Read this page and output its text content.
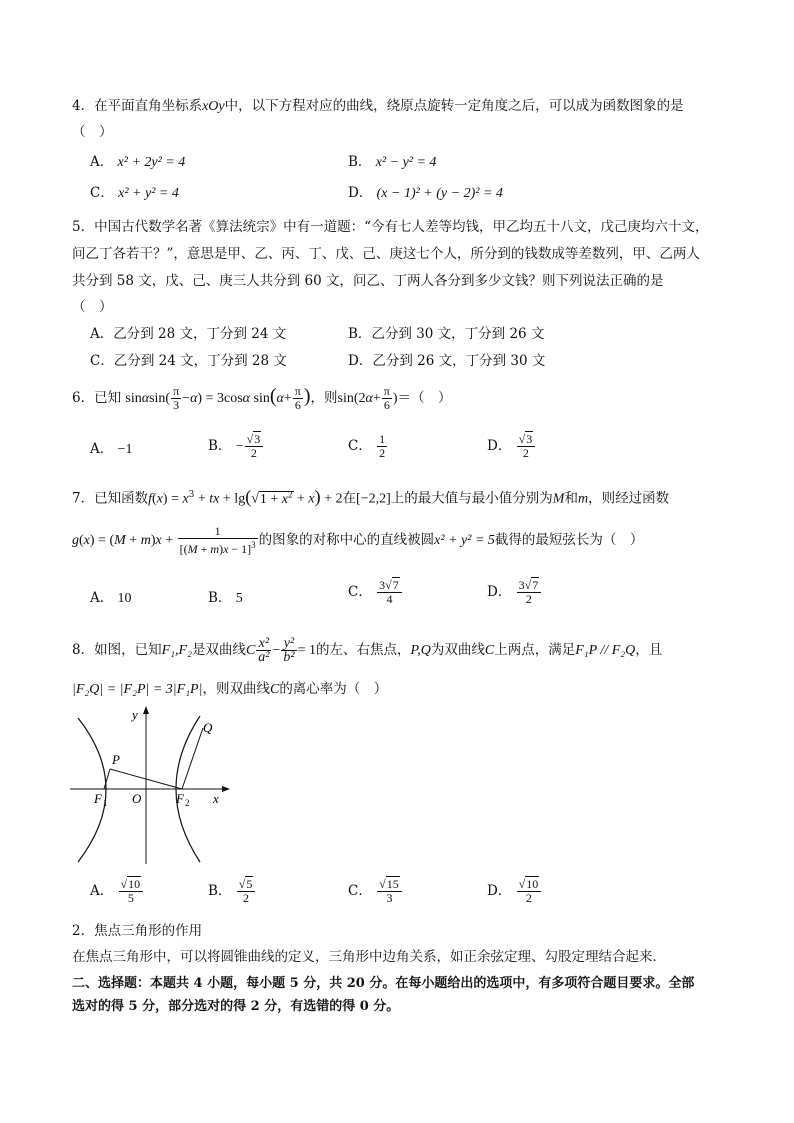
4．在平面直角坐标系xOy中，以下方程对应的曲线，绕原点旋转一定角度之后，可以成为函数图象的是
（　）
A． x² + 2y² = 4	B． x² − y² = 4
C． x² + y² = 4	D． (x − 1)² + (y − 2)² = 4
5．中国古代数学名著《算法统宗》中有一道题：“今有七人差等均钱，甲乙均五十八文，戊己庚均六十文，
问乙丁各若干？”，意思是甲、乙、丙、丁、戊、己、庚这七个人，所分到的钱数成等差数列，甲、乙两人
共分到 58 文，戊、己、庚三人共分到 60 文，问乙、丁两人各分到多少文钱？则下列说法正确的是
（　）
A．乙分到 28 文，丁分到 24 文	B．乙分到 30 文，丁分到 26 文
C．乙分到 24 文，丁分到 28 文	D．乙分到 26 文，丁分到 30 文
6．已知 $\sin\alpha\sin( \frac{\pi}{3} -\alpha) = 3\cos\alpha$ $\sin(\alpha+ \frac{\pi}{6}$ )，则$\sin(2\alpha+ \frac{\pi}{6}$ )＝（　）
A． −1	B． − $\frac{√3}{2}$	C． $\frac{1}{2}$	D． $\frac{√3}{2}$
7．已知函数$f(x) = x^3$ + tx + $\lg(√1 + x^2 + x) + 2$在[−2,2]上的最大值与最小值分别为M和m，则经过函数
$g(x) = (M + m)x + \frac{1}{[(M + m)x - 1]^3}$ 的图象的对称中心的直线被圆x² + y² = 5截得的最短弦长为（　）
A． 10	B． 5	C． $\frac{3√7}{4}$	D． $\frac{3√7}{2}$
8．如图，已知F₁,F₂是双曲线C $\frac{\text{x²}}{\text{a²}} - \frac{\text{y²}}{\text{b²}} = 1$的左、右焦点，P,Q为双曲线C上两点，满足F₁P // F₂Q，且
|F₂Q| = |F₂P| = 3|F₁P|，则双曲线C的离心率为（　）
y
x
O
P
Q
F 1	F 2
A． $\frac{√10}{5}$	B． $\frac{√5}{2}$	C． $\frac{√15}{3}$	D． $\frac{√10}{2}$
2．焦点三角形的作用
在焦点三角形中，可以将圆锥曲线的定义，三角形中边角关系，如正余弦定理、勾股定理结合起来．
二、选择题：本题共 4 小题，每小题 5 分，共 20 分。在每小题给出的选项中，有多项符合题目要求。全部
选对的得 5 分，部分选对的得 2 分，有选错的得 0 分。
